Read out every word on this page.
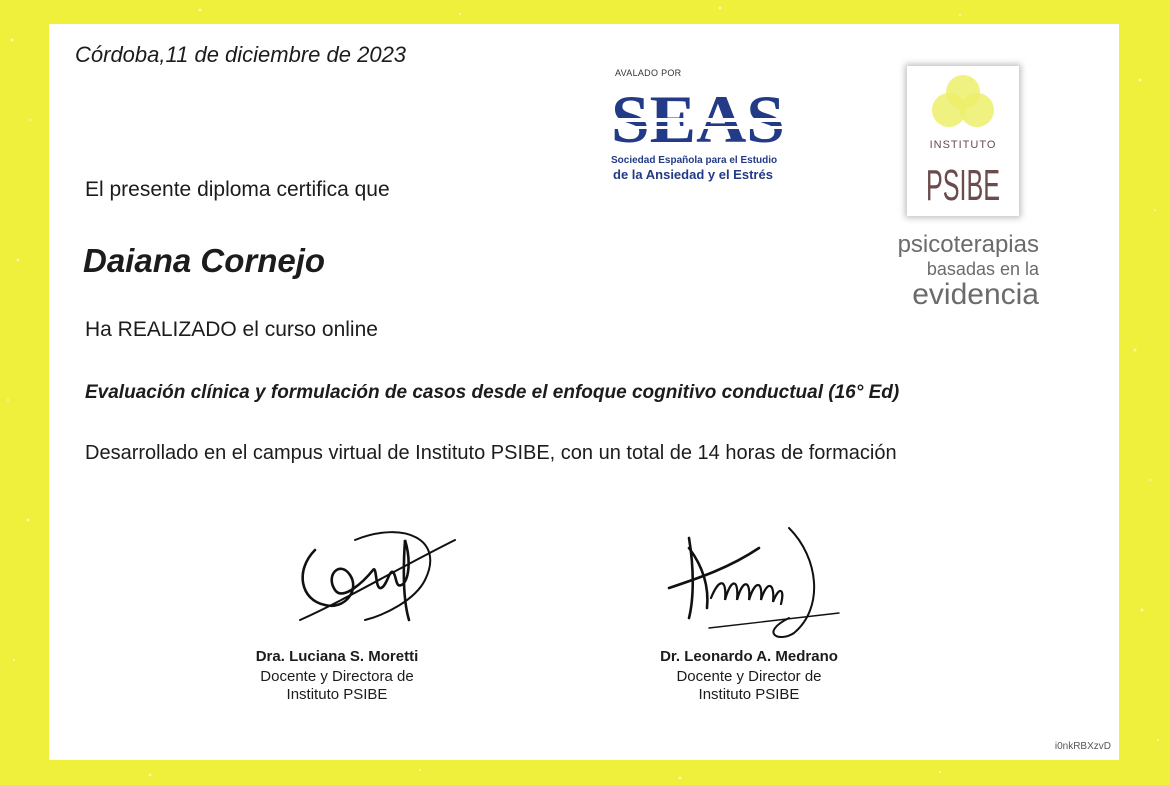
Córdoba,11 de diciembre de 2023
El presente diploma certifica que
Daiana Cornejo
Ha REALIZADO el curso online
Evaluación clínica y formulación de casos desde el enfoque cognitivo conductual (16° Ed)
Desarrollado en el campus virtual de Instituto PSIBE, con un total de 14 horas de formación
AVALADO POR
Sociedad Española para el Estudio
de la Ansiedad y el Estrés
INSTITUTO
PSIBE
psicoterapias
basadas en la
evidencia
Dra. Luciana S. Moretti
Docente y Directora de
Instituto PSIBE
Dr. Leonardo A. Medrano
Docente y Director de
Instituto PSIBE
i0nkRBXzvD
